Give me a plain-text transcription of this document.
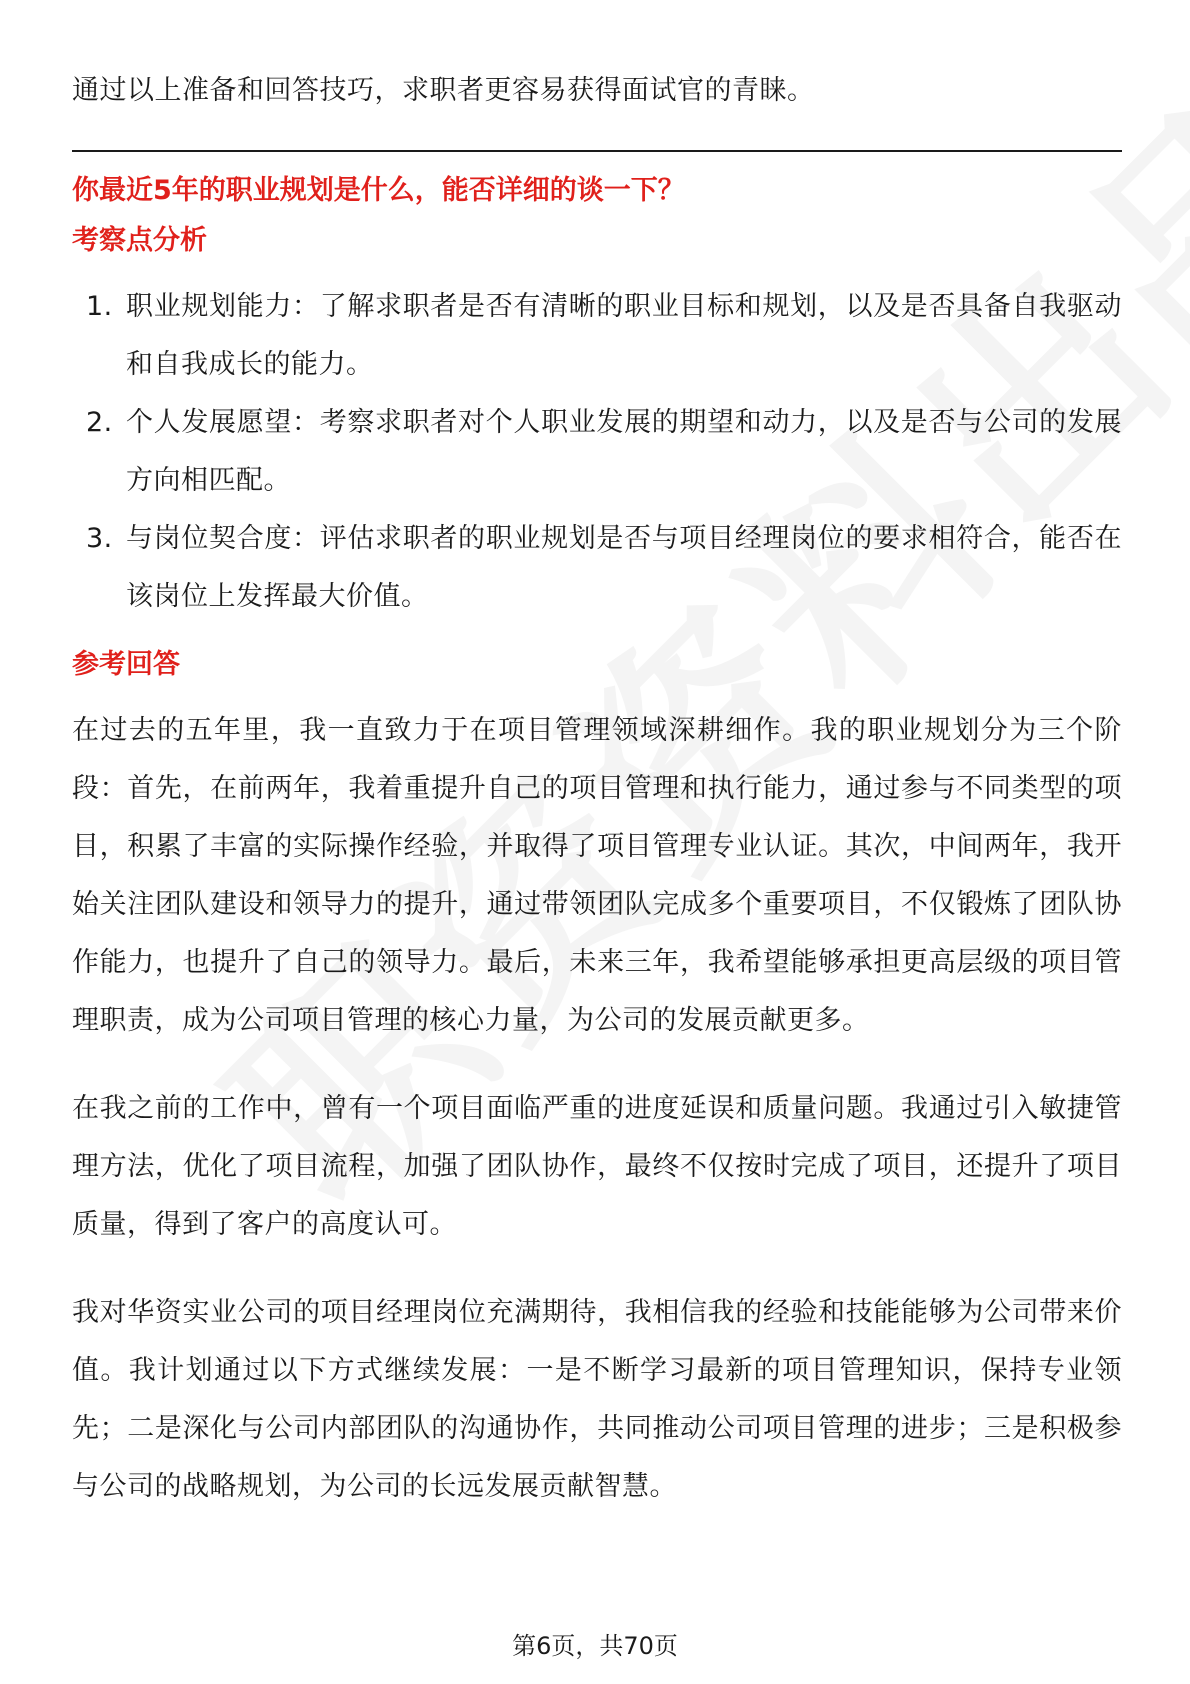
通过以上准备和回答技巧，求职者更容易获得面试官的青睐。

你最近5年的职业规划是什么，能否详细的谈一下？

考察点分析

1. 职业规划能力：了解求职者是否有清晰的职业目标和规划，以及是否具备自我驱动和自我成长的能力。
2. 个人发展愿望：考察求职者对个人职业发展的期望和动力，以及是否与公司的发展方向相匹配。
3. 与岗位契合度：评估求职者的职业规划是否与项目经理岗位的要求相符合，能否在该岗位上发挥最大价值。

参考回答

在过去的五年里，我一直致力于在项目管理领域深耕细作。我的职业规划分为三个阶段：首先，在前两年，我着重提升自己的项目管理和执行能力，通过参与不同类型的项目，积累了丰富的实际操作经验，并取得了项目管理专业认证。其次，中间两年，我开始关注团队建设和领导力的提升，通过带领团队完成多个重要项目，不仅锻炼了团队协作能力，也提升了自己的领导力。最后，未来三年，我希望能够承担更高层级的项目管理职责，成为公司项目管理的核心力量，为公司的发展贡献更多。

在我之前的工作中，曾有一个项目面临严重的进度延误和质量问题。我通过引入敏捷管理方法，优化了项目流程，加强了团队协作，最终不仅按时完成了项目，还提升了项目质量，得到了客户的高度认可。

我对华资实业公司的项目经理岗位充满期待，我相信我的经验和技能能够为公司带来价值。我计划通过以下方式继续发展：一是不断学习最新的项目管理知识，保持专业领先；二是深化与公司内部团队的沟通协作，共同推动公司项目管理的进步；三是积极参与公司的战略规划，为公司的长远发展贡献智慧。

第6页，共70页
